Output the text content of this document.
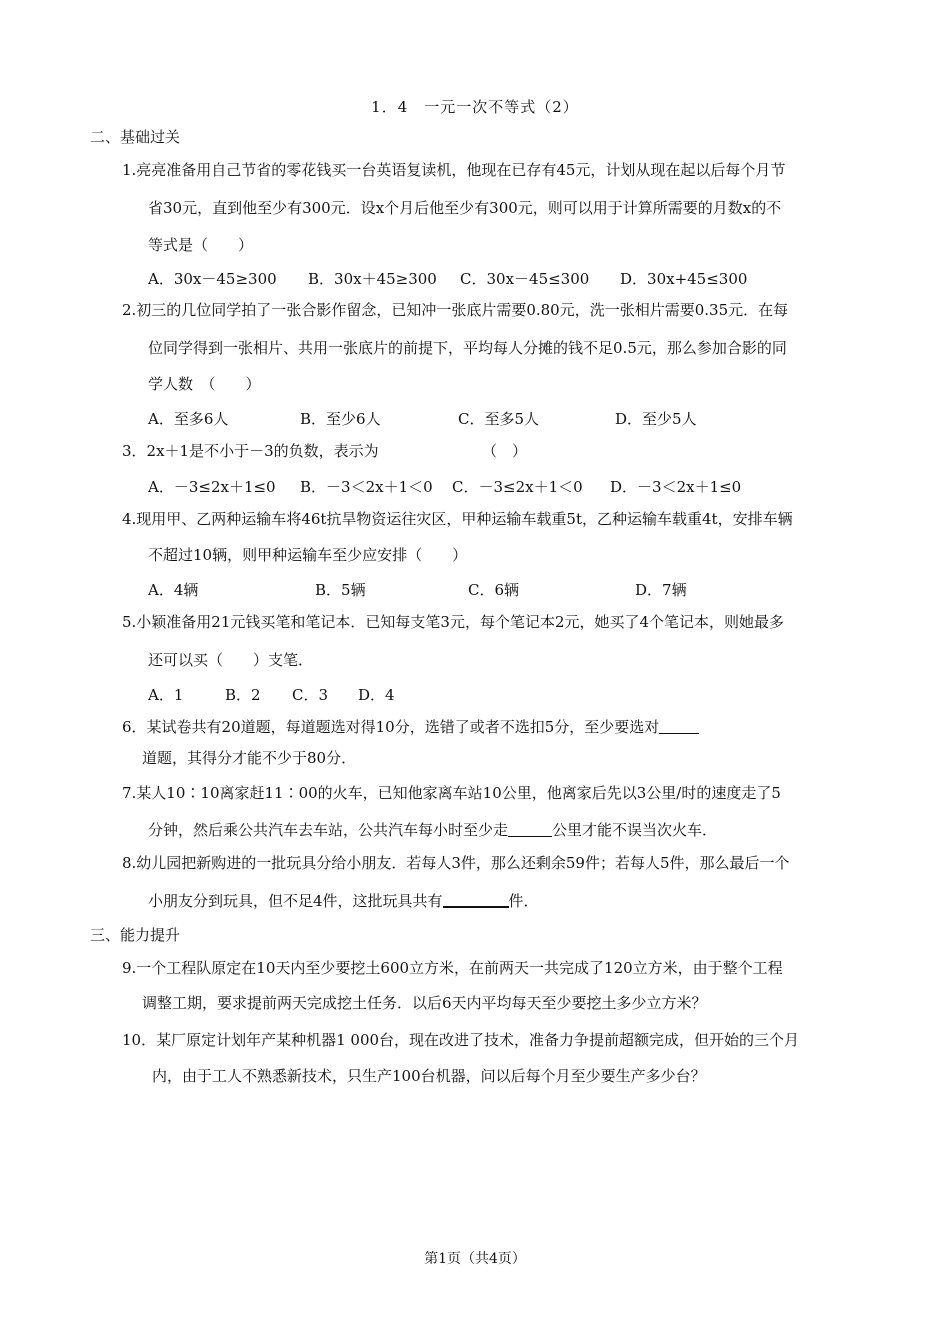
1．4　一元一次不等式（2）
二、基础过关
1.亮亮准备用自己节省的零花钱买一台英语复读机，他现在已存有45元，计划从现在起以后每个月节
省30元，直到他至少有300元．设x个月后他至少有300元，则可以用于计算所需要的月数x的不
等式是（　　）
A．30x－45≥300 B．30x＋45≥300 C．30x－45≤300 D．30x+45≤300
2.初三的几位同学拍了一张合影作留念，已知冲一张底片需要0.80元，洗一张相片需要0.35元．在每
位同学得到一张相片、共用一张底片的前提下，平均每人分摊的钱不足0.5元，那么参加合影的同
学人数　（　　）
A．至多6人	B．至少6人	C．至多5人	D．至少5人
3．2x＋1是不小于－3的负数，表示为	（　）
A．－3≤2x＋1≤0 B．－3＜2x＋1＜0 C．－3≤2x＋1＜0 D．－3＜2x＋1≤0
4.现用甲、乙两种运输车将46t抗旱物资运往灾区，甲种运输车载重5t，乙种运输车载重4t，安排车辆
不超过10辆，则甲种运输车至少应安排（　　）
A．4辆	B．5辆	C．6辆	D．7辆
5.小颖准备用21元钱买笔和笔记本．已知每支笔3元，每个笔记本2元，她买了4个笔记本，则她最多
还可以买（　　）支笔．
A．1	B．2 C．3 D．4
6．某试卷共有20道题，每道题选对得10分，选错了或者不选扣5分，至少要选对
道题，其得分才能不少于80分．
7.某人10∶10离家赶11∶00的火车，已知他家离车站10公里，他离家后先以3公里/时的速度走了5
分钟，然后乘公共汽车去车站，公共汽车每小时至少走	公里才能不误当次火车．
8.幼儿园把新购进的一批玩具分给小朋友．若每人3件，那么还剩余59件；若每人5件，那么最后一个
小朋友分到玩具，但不足4件，这批玩具共有	件．
三、能力提升
9.一个工程队原定在10天内至少要挖土600立方米，在前两天一共完成了120立方米，由于整个工程
调整工期，要求提前两天完成挖土任务．以后6天内平均每天至少要挖土多少立方米？
10．某厂原定计划年产某种机器1 000台，现在改进了技术，准备力争提前超额完成，但开始的三个月
内，由于工人不熟悉新技术，只生产100台机器，问以后每个月至少要生产多少台？
第1页（共4页）
